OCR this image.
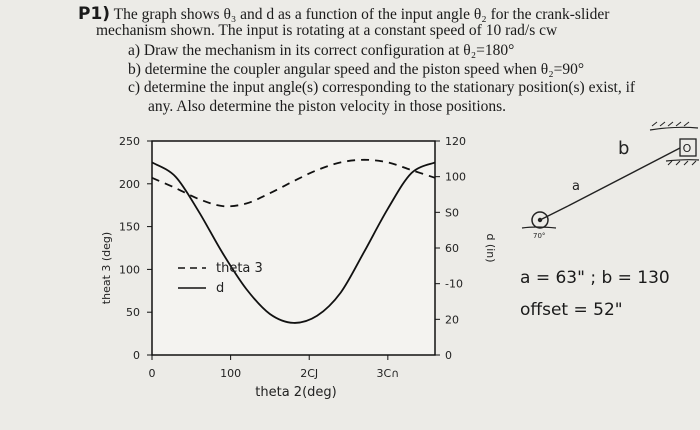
P1) The graph shows θ₃ and d as a function of the input angle θ₂ for the crank-slider
mechanism shown. The input is rotating at a constant speed of 10 rad/s cw
a) Draw the mechanism in its correct configuration at θ₂=180°
b) determine the coupler angular speed and the piston speed when θ₂=90°
c) determine the input angle(s) corresponding to the stationary position(s) exist, if
any. Also determine the piston velocity in those positions.
0
50
100
150
200
250
0
20
-10
60
S0
100
120
0	100	2CJ	3C∩
theat 3 (deg)	d (in)
theta 2(deg)
theta 3
d
O
70°
b
a
a = 63" ; b = 130
offset = 52"
